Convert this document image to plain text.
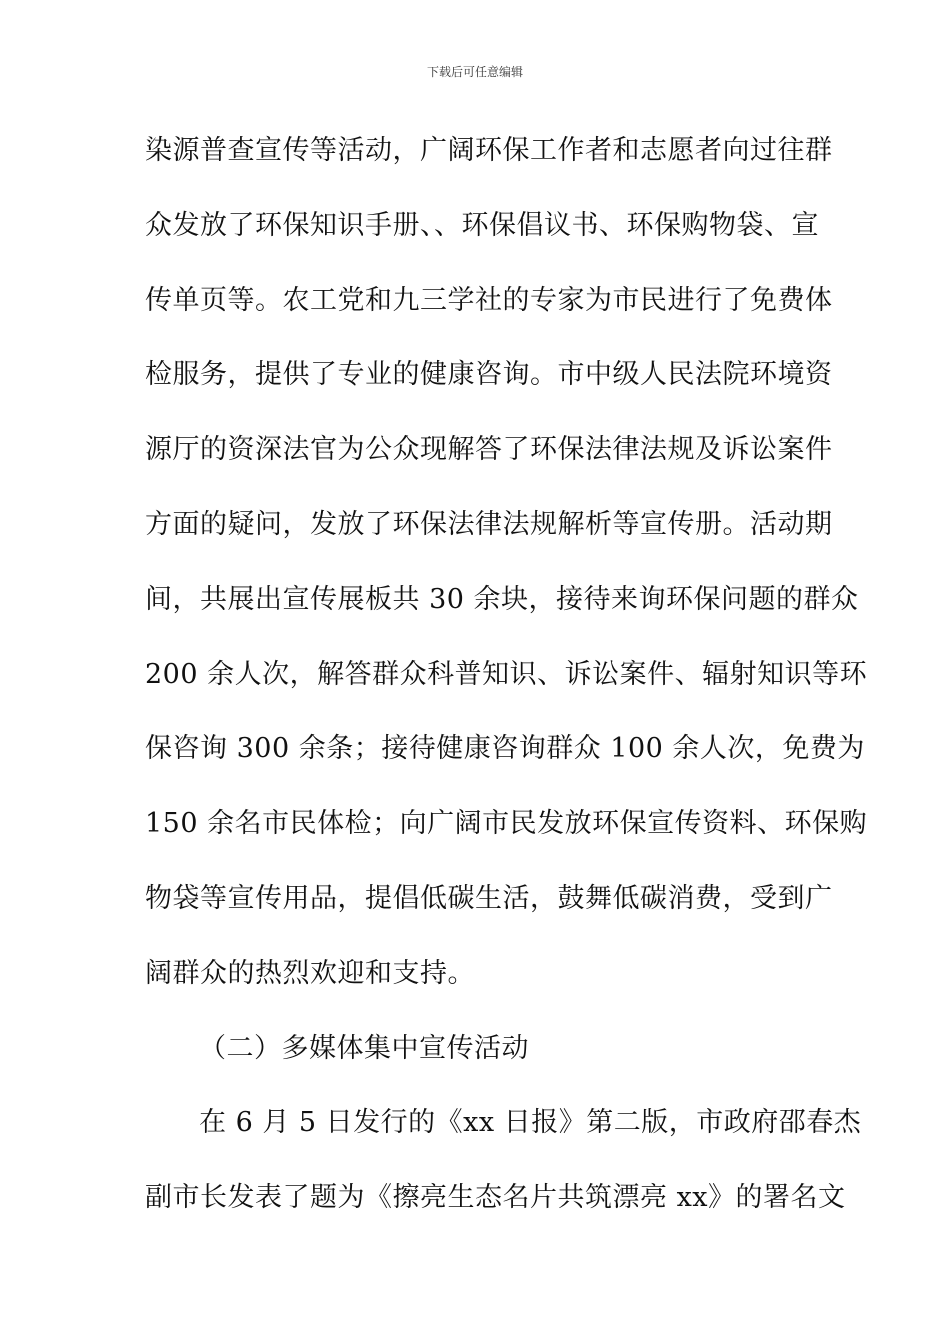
下载后可任意编辑
染源普查宣传等活动，广阔环保工作者和志愿者向过往群
众发放了环保知识手册、、环保倡议书、环保购物袋、宣
传单页等。农工党和九三学社的专家为市民进行了免费体
检服务，提供了专业的健康咨询。市中级人民法院环境资
源厅的资深法官为公众现解答了环保法律法规及诉讼案件
方面的疑问，发放了环保法律法规解析等宣传册。活动期
间，共展出宣传展板共 30 余块，接待来询环保问题的群众
200 余人次，解答群众科普知识、诉讼案件、辐射知识等环
保咨询 300 余条；接待健康咨询群众 100 余人次，免费为
150 余名市民体检；向广阔市民发放环保宣传资料、环保购
物袋等宣传用品，提倡低碳生活，鼓舞低碳消费，受到广
阔群众的热烈欢迎和支持。
（二）多媒体集中宣传活动
在 6 月 5 日发行的《xx 日报》第二版，市政府邵春杰
副市长发表了题为《擦亮生态名片共筑漂亮 xx》的署名文
